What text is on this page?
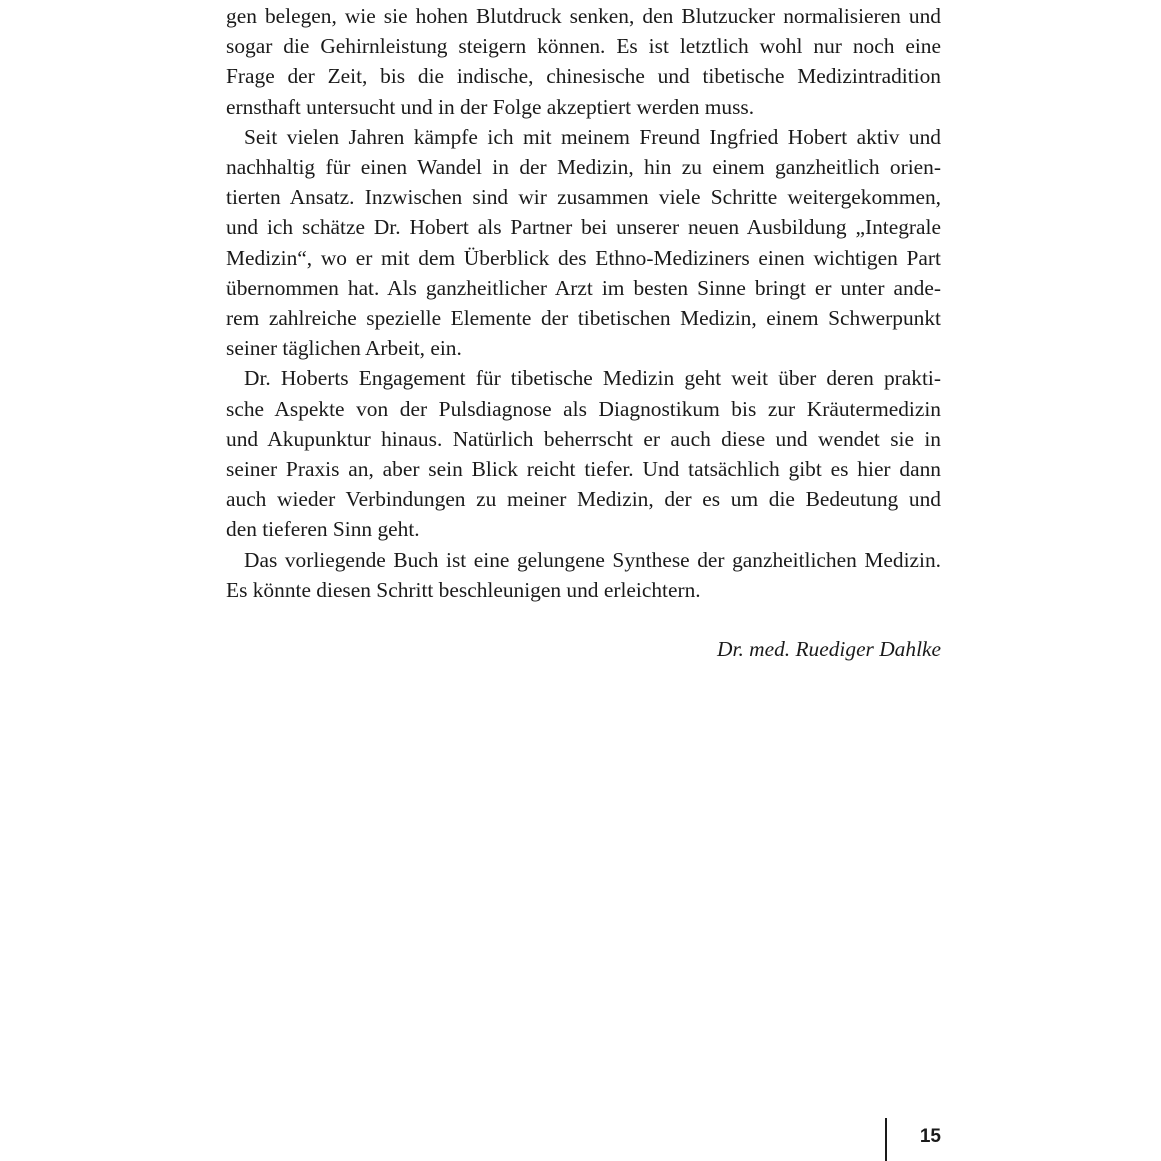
gen belegen, wie sie hohen Blutdruck senken, den Blutzucker normalisieren und
sogar die Gehirnleistung steigern können. Es ist letztlich wohl nur noch eine
Frage der Zeit, bis die indische, chinesische und tibetische Medizintradition
ernsthaft untersucht und in der Folge akzeptiert werden muss.

Seit vielen Jahren kämpfe ich mit meinem Freund Ingfried Hobert aktiv und
nachhaltig für einen Wandel in der Medizin, hin zu einem ganzheitlich orien-
tierten Ansatz. Inzwischen sind wir zusammen viele Schritte weitergekommen,
und ich schätze Dr. Hobert als Partner bei unserer neuen Ausbildung „Integrale
Medizin“, wo er mit dem Überblick des Ethno-Mediziners einen wichtigen Part
übernommen hat. Als ganzheitlicher Arzt im besten Sinne bringt er unter ande-
rem zahlreiche spezielle Elemente der tibetischen Medizin, einem Schwerpunkt
seiner täglichen Arbeit, ein.

Dr. Hoberts Engagement für tibetische Medizin geht weit über deren prakti-
sche Aspekte von der Pulsdiagnose als Diagnostikum bis zur Kräutermedizin
und Akupunktur hinaus. Natürlich beherrscht er auch diese und wendet sie in
seiner Praxis an, aber sein Blick reicht tiefer. Und tatsächlich gibt es hier dann
auch wieder Verbindungen zu meiner Medizin, der es um die Bedeutung und
den tieferen Sinn geht.

Das vorliegende Buch ist eine gelungene Synthese der ganzheitlichen Medizin.
Es könnte diesen Schritt beschleunigen und erleichtern.

Dr. med. Ruediger Dahlke
15
